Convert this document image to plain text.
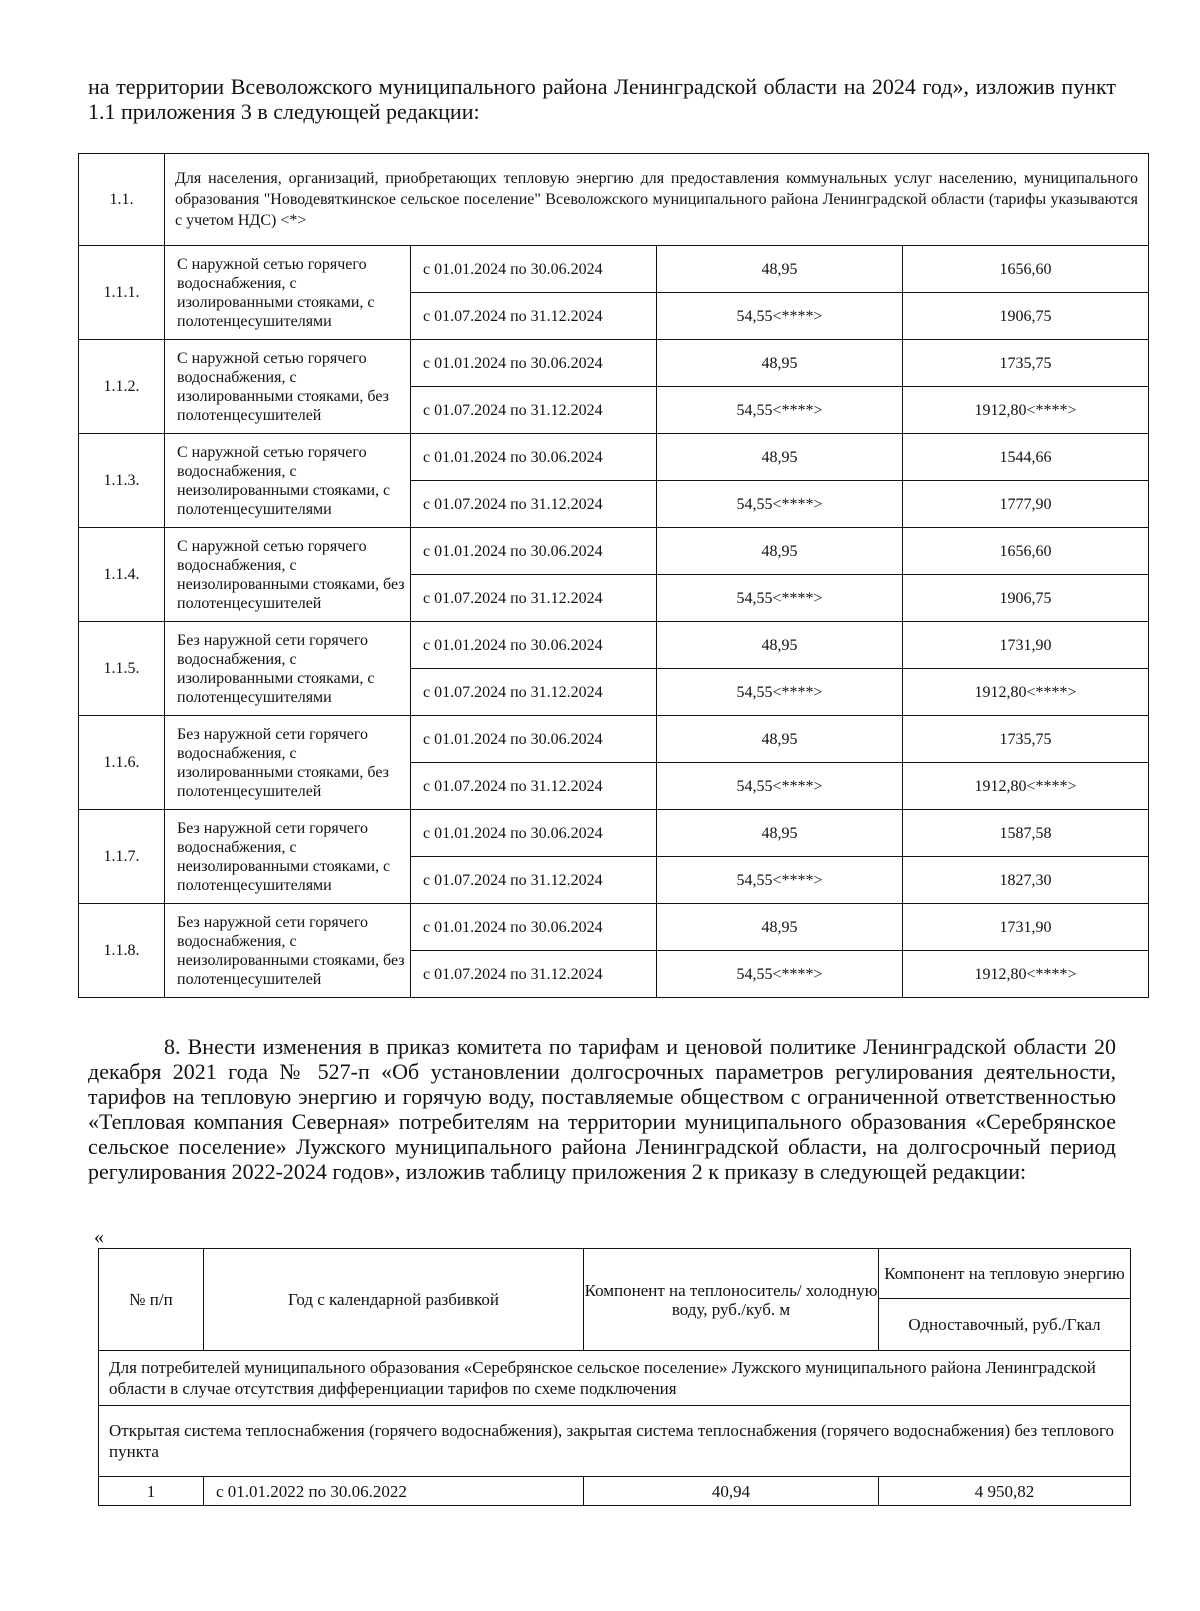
на территории Всеволожского муниципального района Ленинградской области на 2024 год», изложив пункт 1.1 приложения 3 в следующей редакции:
1.1.	Для населения, организаций, приобретающих тепловую энергию для предоставления коммунальных услуг населению, муниципального образования "Новодевяткинское сельское поселение" Всеволожского муниципального района Ленинградской области (тарифы указываются с учетом НДС) <*>			
1.1.1.	С наружной сетью горячего водоснабжения, с изолированными стояками, с полотенцесушителями	с 01.01.2024 по 30.06.2024	48,95	1656,60
		с 01.07.2024 по 31.12.2024	54,55<****>	1906,75
1.1.2.	С наружной сетью горячего водоснабжения, с изолированными стояками, без полотенцесушителей	с 01.01.2024 по 30.06.2024	48,95	1735,75
		с 01.07.2024 по 31.12.2024	54,55<****>	1912,80<****>
1.1.3.	С наружной сетью горячего водоснабжения, с неизолированными стояками, с полотенцесушителями	с 01.01.2024 по 30.06.2024	48,95	1544,66
		с 01.07.2024 по 31.12.2024	54,55<****>	1777,90
1.1.4.	С наружной сетью горячего водоснабжения, с неизолированными стояками, без полотенцесушителей	с 01.01.2024 по 30.06.2024	48,95	1656,60
		с 01.07.2024 по 31.12.2024	54,55<****>	1906,75
1.1.5.	Без наружной сети горячего водоснабжения, с изолированными стояками, с полотенцесушителями	с 01.01.2024 по 30.06.2024	48,95	1731,90
		с 01.07.2024 по 31.12.2024	54,55<****>	1912,80<****>
1.1.6.	Без наружной сети горячего водоснабжения, с изолированными стояками, без полотенцесушителей	с 01.01.2024 по 30.06.2024	48,95	1735,75
		с 01.07.2024 по 31.12.2024	54,55<****>	1912,80<****>
1.1.7.	Без наружной сети горячего водоснабжения, с неизолированными стояками, с полотенцесушителями	с 01.01.2024 по 30.06.2024	48,95	1587,58
		с 01.07.2024 по 31.12.2024	54,55<****>	1827,30
1.1.8.	Без наружной сети горячего водоснабжения, с неизолированными стояками, без полотенцесушителей	с 01.01.2024 по 30.06.2024	48,95	1731,90
		с 01.07.2024 по 31.12.2024	54,55<****>	1912,80<****>
8. Внести изменения в приказ комитета по тарифам и ценовой политике Ленинградской области 20 декабря 2021 года № 527-п «Об установлении долгосрочных параметров регулирования деятельности, тарифов на тепловую энергию и горячую воду, поставляемые обществом с ограниченной ответственностью «Тепловая компания Северная» потребителям на территории муниципального образования «Серебрянское сельское поселение» Лужского муниципального района Ленинградской области, на долгосрочный период регулирования 2022-2024 годов», изложив таблицу приложения 2 к приказу в следующей редакции:
«
№ п/п	Год с календарной разбивкой	Компонент на теплоноситель/ холодную воду, руб./куб. м	Компонент на тепловую энергию
			Одноставочный, руб./Гкал
Для потребителей муниципального образования «Серебрянское сельское поселение» Лужского муниципального района Ленинградской области в случае отсутствия дифференциации тарифов по схеме подключения			
Открытая система теплоснабжения (горячего водоснабжения), закрытая система теплоснабжения (горячего водоснабжения) без теплового пункта			
1	с 01.01.2022 по 30.06.2022	40,94	4 950,82
